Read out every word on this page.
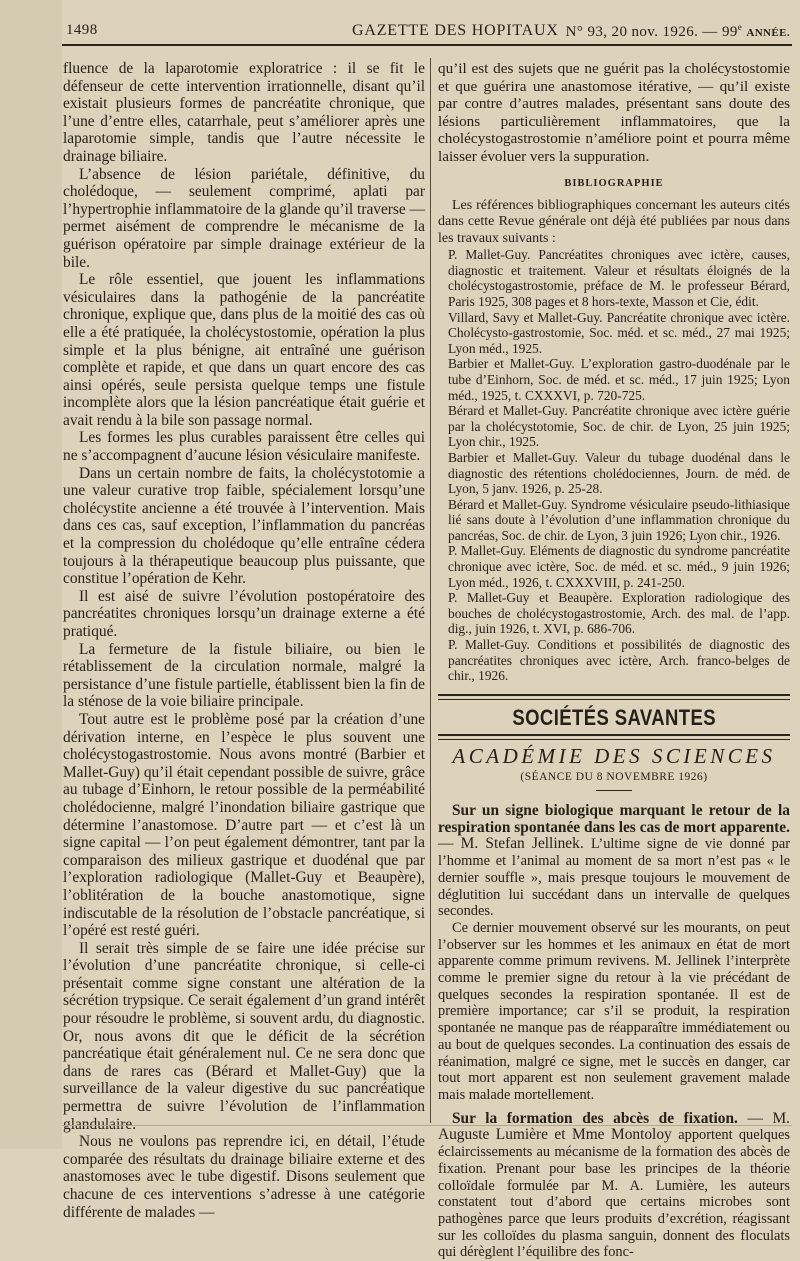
1498	GAZETTE DES HOPITAUX N° 93, 20 nov. 1926. — 99e ANNÉE.

fluence de la laparotomie exploratrice : il se fit le défenseur de cette intervention irrationnelle, disant qu’il existait plusieurs formes de pancréatite chronique, que l’une d’entre elles, catarrhale, peut s’améliorer après une laparotomie simple, tandis que l’autre nécessite le drainage biliaire.

L’absence de lésion pariétale, définitive, du cholédoque, — seulement comprimé, aplati par l’hypertrophie inflammatoire de la glande qu’il traverse — permet aisément de comprendre le mécanisme de la guérison opératoire par simple drainage extérieur de la bile.

Le rôle essentiel, que jouent les inflammations vésiculaires dans la pathogénie de la pancréatite chronique, explique que, dans plus de la moitié des cas où elle a été pratiquée, la cholécystostomie, opération la plus simple et la plus bénigne, ait entraîné une guérison complète et rapide, et que dans un quart encore des cas ainsi opérés, seule persista quelque temps une fistule incomplète alors que la lésion pancréatique était guérie et avait rendu à la bile son passage normal.

Les formes les plus curables paraissent être celles qui ne s’accompagnent d’aucune lésion vésiculaire manifeste.

Dans un certain nombre de faits, la cholécystotomie a une valeur curative trop faible, spécialement lorsqu’une cholécystite ancienne a été trouvée à l’intervention. Mais dans ces cas, sauf exception, l’inflammation du pancréas et la compression du cholédoque qu’elle entraîne cédera toujours à la thérapeutique beaucoup plus puissante, que constitue l’opération de Kehr.

Il est aisé de suivre l’évolution postopératoire des pancréatites chroniques lorsqu’un drainage externe a été pratiqué.

La fermeture de la fistule biliaire, ou bien le rétablissement de la circulation normale, malgré la persistance d’une fistule partielle, établissent bien la fin de la sténose de la voie biliaire principale.

Tout autre est le problème posé par la création d’une dérivation interne, en l’espèce le plus souvent une cholécystogastrostomie. Nous avons montré (Barbier et Mallet-Guy) qu’il était cependant possible de suivre, grâce au tubage d’Einhorn, le retour possible de la perméabilité cholédocienne, malgré l’inondation biliaire gastrique que détermine l’anastomose. D’autre part — et c’est là un signe capital — l’on peut également démontrer, tant par la comparaison des milieux gastrique et duodénal que par l’exploration radiologique (Mallet-Guy et Beaupère), l’oblitération de la bouche anastomotique, signe indiscutable de la résolution de l’obstacle pancréatique, si l’opéré est resté guéri.

Il serait très simple de se faire une idée précise sur l’évolution d’une pancréatite chronique, si celle-ci présentait comme signe constant une altération de la sécrétion trypsique. Ce serait également d’un grand intérêt pour résoudre le problème, si souvent ardu, du diagnostic. Or, nous avons dit que le déficit de la sécrétion pancréatique était généralement nul. Ce ne sera donc que dans de rares cas (Bérard et Mallet-Guy) que la surveillance de la valeur digestive du suc pancréatique permettra de suivre l’évolution de l’inflammation glandulaire.

Nous ne voulons pas reprendre ici, en détail, l’étude comparée des résultats du drainage biliaire externe et des anastomoses avec le tube digestif. Disons seulement que chacune de ces interventions s’adresse à une catégorie différente de malades —

qu’il est des sujets que ne guérit pas la cholécystostomie et que guérira une anastomose itérative, — qu’il existe par contre d’autres malades, présentant sans doute des lésions particulièrement inflammatoires, que la cholécystogastrostomie n’améliore point et pourra même laisser évoluer vers la suppuration.

BIBLIOGRAPHIE

Les références bibliographiques concernant les auteurs cités dans cette Revue générale ont déjà été publiées par nous dans les travaux suivants :

P. Mallet-Guy. Pancréatites chroniques avec ictère, causes, diagnostic et traitement. Valeur et résultats éloignés de la cholécystogastrostomie, préface de M. le professeur Bérard, Paris 1925, 308 pages et 8 hors-texte, Masson et Cie, édit.

Villard, Savy et Mallet-Guy. Pancréatite chronique avec ictère. Cholécysto-gastrostomie, Soc. méd. et sc. méd., 27 mai 1925; Lyon méd., 1925.

Barbier et Mallet-Guy. L’exploration gastro-duodénale par le tube d’Einhorn, Soc. de méd. et sc. méd., 17 juin 1925; Lyon méd., 1925, t. CXXXVI, p. 720-725.

Bérard et Mallet-Guy. Pancréatite chronique avec ictère guérie par la cholécystotomie, Soc. de chir. de Lyon, 25 juin 1925; Lyon chir., 1925.

Barbier et Mallet-Guy. Valeur du tubage duodénal dans le diagnostic des rétentions cholédociennes, Journ. de méd. de Lyon, 5 janv. 1926, p. 25-28.

Bérard et Mallet-Guy. Syndrome vésiculaire pseudo-lithiasique lié sans doute à l’évolution d’une inflammation chronique du pancréas, Soc. de chir. de Lyon, 3 juin 1926; Lyon chir., 1926.

P. Mallet-Guy. Eléments de diagnostic du syndrome pancréatite chronique avec ictère, Soc. de méd. et sc. méd., 9 juin 1926; Lyon méd., 1926, t. CXXXVIII, p. 241-250.

P. Mallet-Guy et Beaupère. Exploration radiologique des bouches de cholécystogastrostomie, Arch. des mal. de l’app. dig., juin 1926, t. XVI, p. 686-706.

P. Mallet-Guy. Conditions et possibilités de diagnostic des pancréatites chroniques avec ictère, Arch. franco-belges de chir., 1926.

SOCIÉTÉS SAVANTES
ACADÉMIE DES SCIENCES
(SÉANCE DU 8 NOVEMBRE 1926)

Sur un signe biologique marquant le retour de la respiration spontanée dans les cas de mort apparente. — M. Stefan Jellinek. L’ultime signe de vie donné par l’homme et l’animal au moment de sa mort n’est pas « le dernier souffle », mais presque toujours le mouvement de déglutition lui succédant dans un intervalle de quelques secondes.

Ce dernier mouvement observé sur les mourants, on peut l’observer sur les hommes et les animaux en état de mort apparente comme primum revivens. M. Jellinek l’interprète comme le premier signe du retour à la vie précédant de quelques secondes la respiration spontanée. Il est de première importance; car s’il se produit, la respiration spontanée ne manque pas de réapparaître immédiatement ou au bout de quelques secondes. La continuation des essais de réanimation, malgré ce signe, met le succès en danger, car tout mort apparent est non seulement gravement malade mais malade mortellement.

Sur la formation des abcès de fixation. — M. Auguste Lumière et Mme Montoloy apportent quelques éclaircissements au mécanisme de la formation des abcès de fixation. Prenant pour base les principes de la théorie colloïdale formulée par M. A. Lumière, les auteurs constatent tout d’abord que certains microbes sont pathogènes parce que leurs produits d’excrétion, réagissant sur les colloïdes du plasma sanguin, donnent des floculats qui dérèglent l’équilibre des fonc-
